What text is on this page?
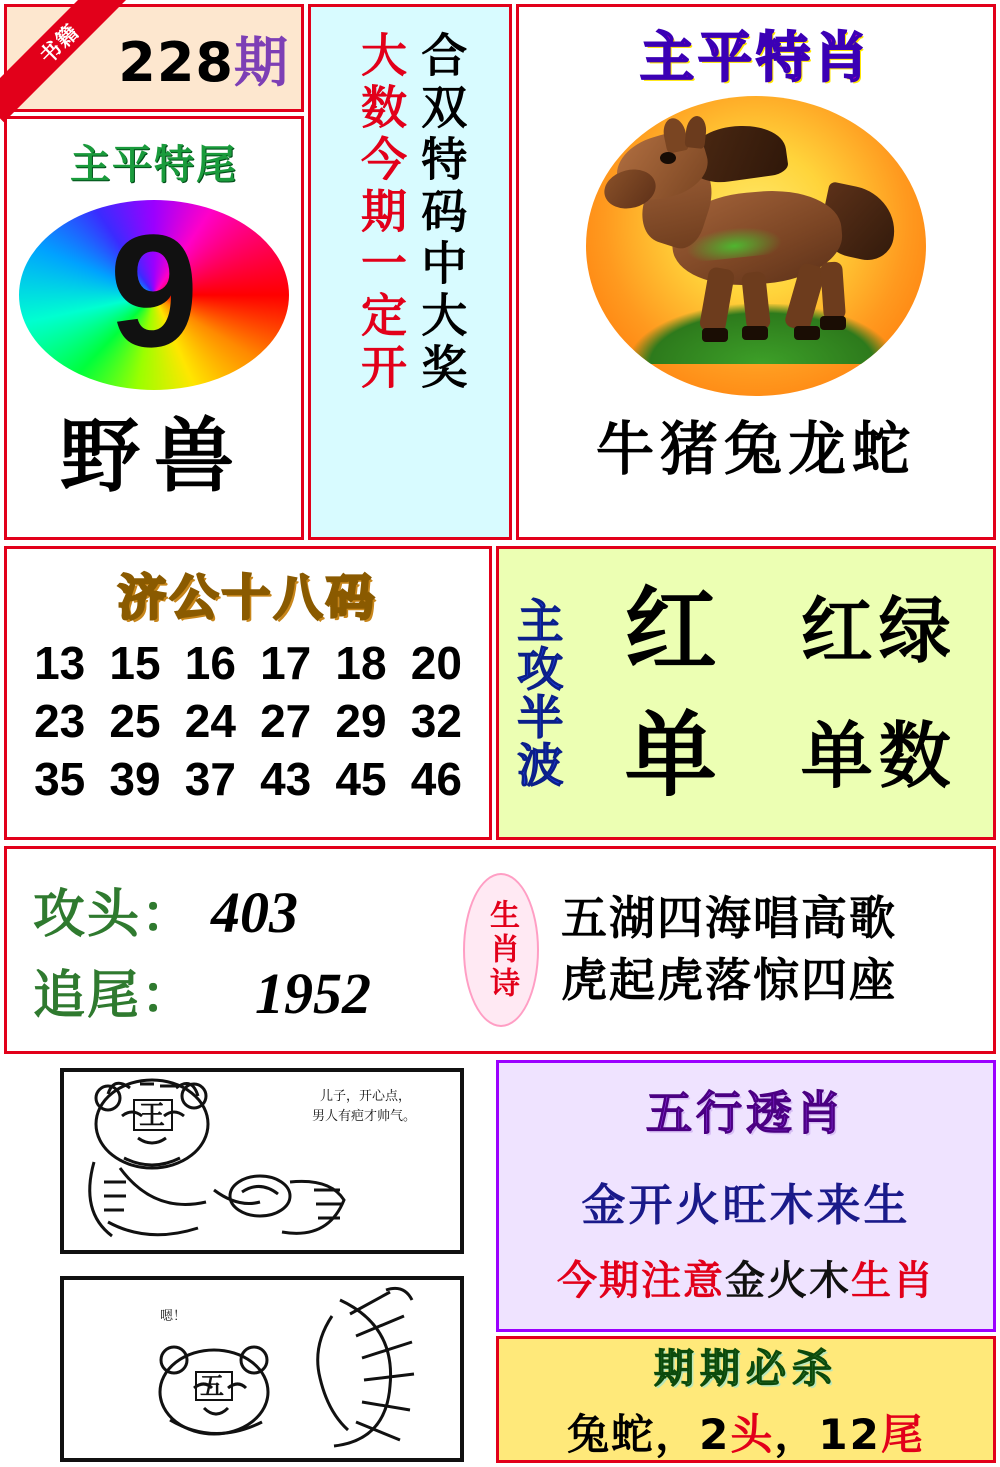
书籍 228期
主平特尾
9
野兽
合双特码中大奖
大数今期一定开	主平特肖
牛猪兔龙蛇
济公十八码
13 15 16 17 18 20
23 25 24 27 29 32
35 39 37 43 45 46 主攻半波 红 红绿
单 单数
攻头： 403
追尾： 1952	生肖诗 五湖四海唱高歌
虎起虎落惊四座
王
儿子，开心点，
男人有疤才帅气。
五
嗯！
五行透肖
金开火旺木来生
今期注意金火木生肖
期期必杀
兔蛇，2头，12尾
